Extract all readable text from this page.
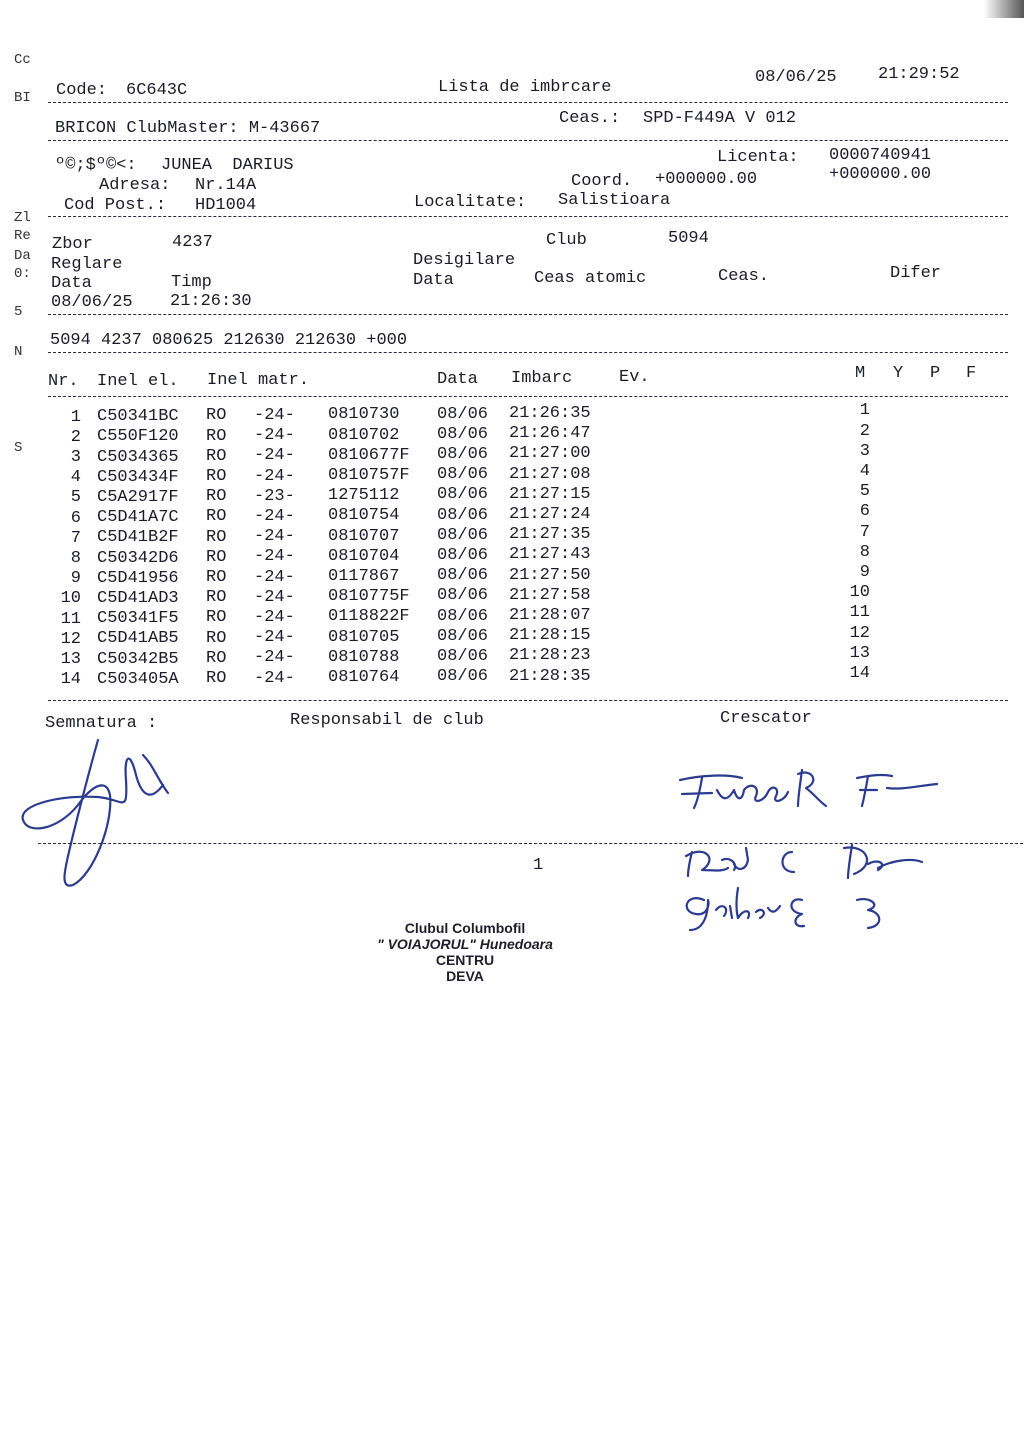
Cc
BI
Zl
Re
Da
0:
5
N
S
Code: 6C643C	Lista de imbrcare
08/06/25 21:29:52
BRICON ClubMaster: M-43667
Ceas.: SPD-F449A V 012
º©;$º©<: JUNEA  DARIUS	Licenta: 0000740941
Adresa: Nr.14A	Coord. +000000.00	+000000.00
Cod Post.: HD1004	Localitate: Salistioara
Zbor	4237	Club	5094
Reglare	Desigilare
Data	Timp	Data	Ceas atomic	Ceas.	Difer
08/06/25 21:26:30
5094 4237 080625 212630 212630 +000
Nr. Inel el. Inel matr.	Data Imbarc	Ev.	M Y P F
1 C50341BC RO -24- 0810730 08/06 21:26:35	1
2 C550F120 RO -24- 0810702 08/06 21:26:47	2
3 C5034365 RO -24- 0810677F 08/06 21:27:00	3
4 C503434F RO -24- 0810757F 08/06 21:27:08	4
5 C5A2917F RO -23- 1275112 08/06 21:27:15	5
6 C5D41A7C RO -24- 0810754 08/06 21:27:24	6
7 C5D41B2F RO -24- 0810707 08/06 21:27:35	7
8 C50342D6 RO -24- 0810704 08/06 21:27:43	8
9 C5D41956 RO -24- 0117867 08/06 21:27:50	9
10 C5D41AD3 RO -24- 0810775F 08/06 21:27:58	10
11 C50341F5 RO -24- 0118822F 08/06 21:28:07	11
12 C5D41AB5 RO -24- 0810705 08/06 21:28:15	12
13 C50342B5 RO -24- 0810788 08/06 21:28:23	13
14 C503405A RO -24- 0810764 08/06 21:28:35	14
Semnatura :	Responsabil de club	Crescator
1
Clubul Columbofil
" VOIAJORUL" Hunedoara
CENTRU
DEVA
